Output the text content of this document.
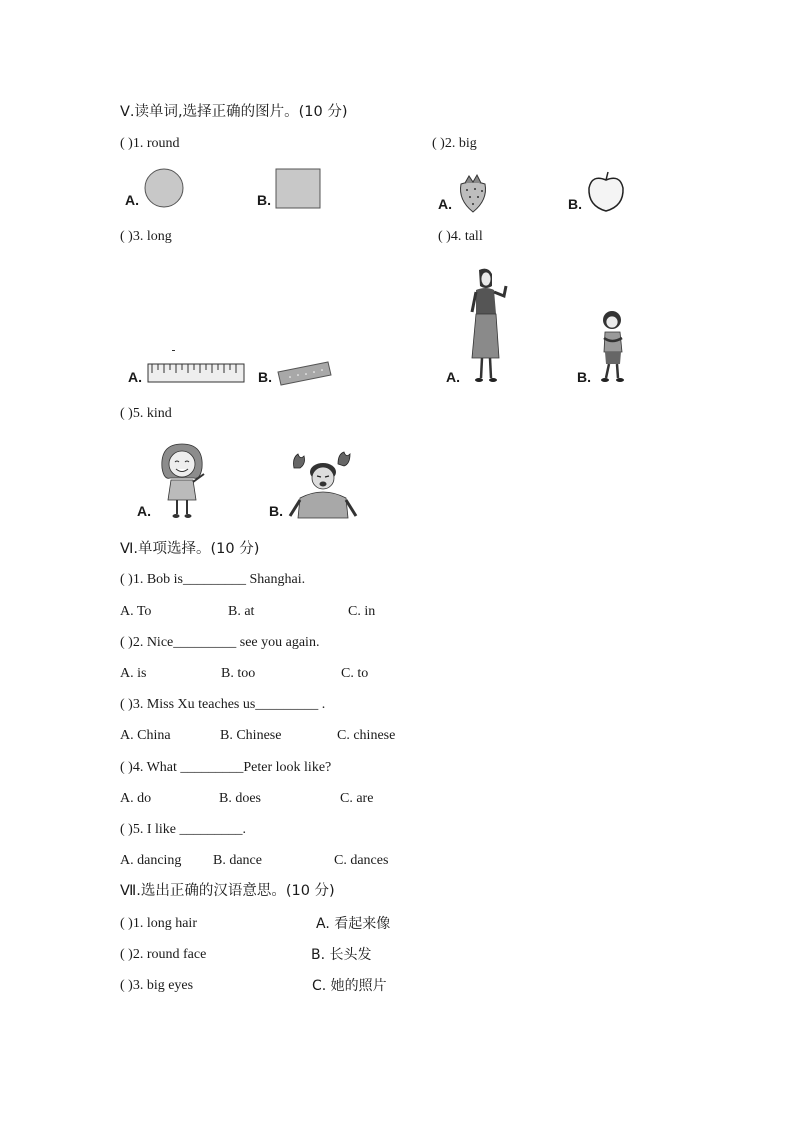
Ⅴ.读单词,选择正确的图片。(10 分)
( )1. round	( )2. big
A.	B.	A.	B.
( )3. long	( )4. tall
A.	B.	A.	B.
( )5. kind
A.	B.
Ⅵ.单项选择。(10 分)
( )1. Bob is_________ Shanghai.
A. To	B. at	C. in
( )2. Nice_________ see you again.
A. is	B. too	C. to
( )3. Miss Xu teaches us_________ .
A. China	B. Chinese	C. chinese
( )4. What _________Peter look like?
A. do	B. does	C. are
( )5. I like _________.
A. dancing B. dance	C. dances
Ⅶ.选出正确的汉语意思。(10 分)
( )1. long hair	A. 看起来像
( )2. round face	B. 长头发
( )3. big eyes	C. 她的照片
